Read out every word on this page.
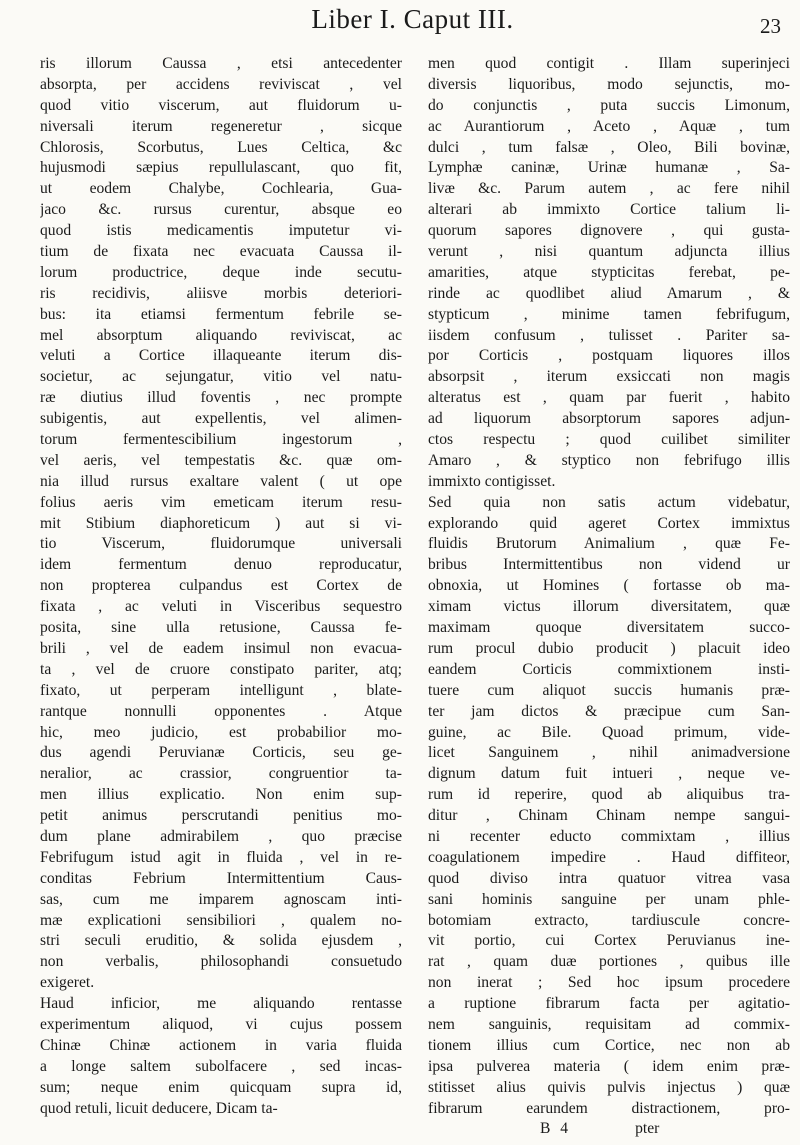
Liber I. Caput III.	23
ris illorum Caussa , etsi antecedenter
absorpta, per accidens reviviscat , vel
quod vitio viscerum, aut fluidorum u-
niversali iterum regeneretur , sicque
Chlorosis, Scorbutus, Lues Celtica, &c
hujusmodi sæpius repullulascant, quo fit,
ut eodem Chalybe, Cochlearia, Gua-
jaco &c. rursus curentur, absque eo
quod istis medicamentis imputetur vi-
tium de fixata nec evacuata Caussa il-
lorum productrice, deque inde secutu-
ris recidivis, aliisve morbis deteriori-
bus: ita etiamsi fermentum febrile se-
mel absorptum aliquando reviviscat, ac
veluti a Cortice illaqueante iterum dis-
societur, ac sejungatur, vitio vel natu-
ræ diutius illud foventis , nec prompte
subigentis, aut expellentis, vel alimen-
torum fermentescibilium ingestorum ,
vel aeris, vel tempestatis &c. quæ om-
nia illud rursus exaltare valent ( ut ope
folius aeris vim emeticam iterum resu-
mit Stibium diaphoreticum ) aut si vi-
tio Viscerum, fluidorumque universali
idem fermentum denuo reproducatur,
non propterea culpandus est Cortex de
fixata , ac veluti in Visceribus sequestro
posita, sine ulla retusione, Caussa fe-
brili , vel de eadem insimul non evacua-
ta , vel de cruore constipato pariter, atq;
fixato, ut perperam intelligunt , blate-
rantque nonnulli opponentes . Atque
hic, meo judicio, est probabilior mo-
dus agendi Peruvianæ Corticis, seu ge-
neralior, ac crassior, congruentior ta-
men illius explicatio. Non enim sup-
petit animus perscrutandi penitius mo-
dum plane admirabilem , quo præcise
Febrifugum istud agit in fluida , vel in re-
conditas Febrium Intermittentium Caus-
sas, cum me imparem agnoscam inti-
mæ explicationi sensibiliori , qualem no-
stri seculi eruditio, & solida ejusdem ,
non verbalis, philosophandi consuetudo
exigeret.
Haud inficior, me aliquando rentasse
experimentum aliquod, vi cujus possem
Chinæ Chinæ actionem in varia fluida
a longe saltem subolfacere , sed incas-
sum; neque enim quicquam supra id,
quod retuli, licuit deducere, Dicam ta-
men quod contigit . Illam superinjeci
diversis liquoribus, modo sejunctis, mo-
do conjunctis , puta succis Limonum,
ac Aurantiorum , Aceto , Aquæ , tum
dulci , tum falsæ , Oleo, Bili bovinæ,
Lymphæ caninæ, Urinæ humanæ , Sa-
livæ &c. Parum autem , ac fere nihil
alterari ab immixto Cortice talium li-
quorum sapores dignovere , qui gusta-
verunt , nisi quantum adjuncta illius
amarities, atque stypticitas ferebat, pe-
rinde ac quodlibet aliud Amarum , &
stypticum , minime tamen febrifugum,
iisdem confusum , tulisset . Pariter sa-
por Corticis , postquam liquores illos
absorpsit , iterum exsiccati non magis
alteratus est , quam par fuerit , habito
ad liquorum absorptorum sapores adjun-
ctos respectu ; quod cuilibet similiter
Amaro , & styptico non febrifugo illis
immixto contigisset.
Sed quia non satis actum videbatur,
explorando quid ageret Cortex immixtus
fluidis Brutorum Animalium , quæ Fe-
bribus Intermittentibus non vidend ur
obnoxia, ut Homines ( fortasse ob ma-
ximam victus illorum diversitatem, quæ
maximam quoque diversitatem succo-
rum procul dubio producit ) placuit ideo
eandem Corticis commixtionem insti-
tuere cum aliquot succis humanis præ-
ter jam dictos & præcipue cum San-
guine, ac Bile. Quoad primum, vide-
licet Sanguinem , nihil animadversione
dignum datum fuit intueri , neque ve-
rum id reperire, quod ab aliquibus tra-
ditur , Chinam Chinam nempe sangui-
ni recenter educto commixtam , illius
coagulationem impedire . Haud diffiteor,
quod diviso intra quatuor vitrea vasa
sani hominis sanguine per unam phle-
botomiam extracto, tardiuscule concre-
vit portio, cui Cortex Peruvianus ine-
rat , quam duæ portiones , quibus ille
non inerat ; Sed hoc ipsum procedere
a ruptione fibrarum facta per agitatio-
nem sanguinis, requisitam ad commix-
tionem illius cum Cortice, nec non ab
ipsa pulverea materia ( idem enim præ-
stitisset alius quivis pulvis injectus ) quæ
fibrarum earundem distractionem, pro-
B 4	pter
